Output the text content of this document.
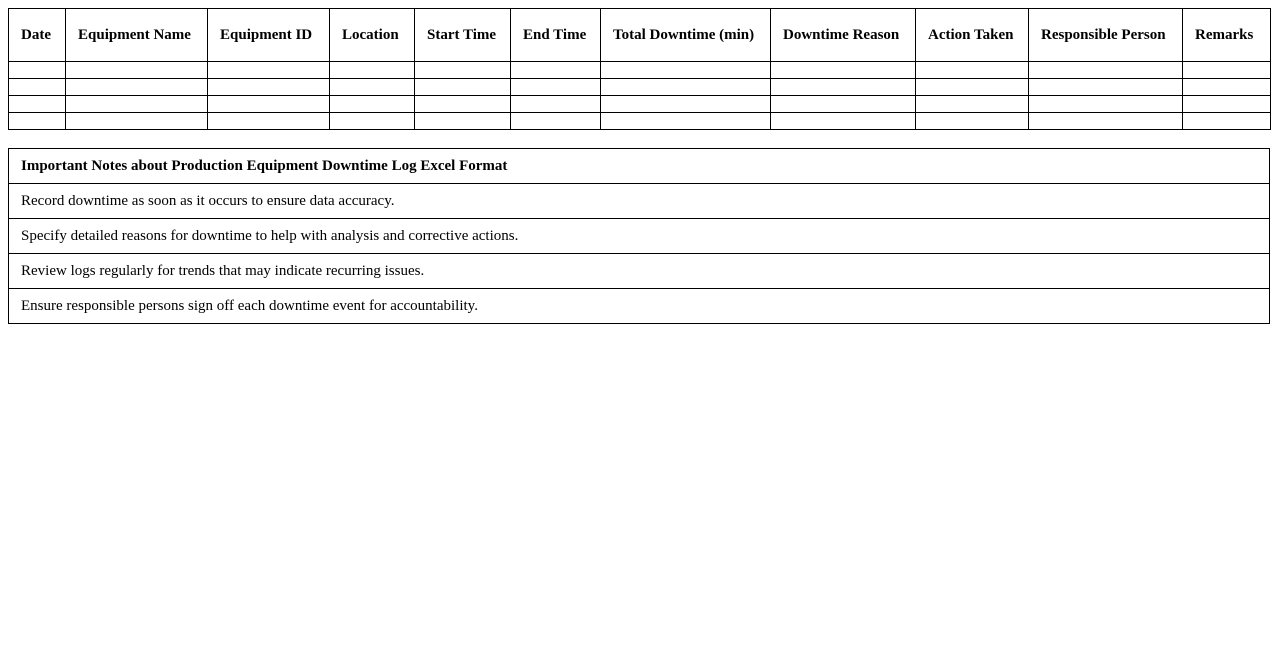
Date	Equipment Name	Equipment ID	Location	Start Time	End Time	Total Downtime (min)	Downtime Reason	Action Taken	Responsible Person	Remarks

Important Notes about Production Equipment Downtime Log Excel Format
Record downtime as soon as it occurs to ensure data accuracy.
Specify detailed reasons for downtime to help with analysis and corrective actions.
Review logs regularly for trends that may indicate recurring issues.
Ensure responsible persons sign off each downtime event for accountability.
